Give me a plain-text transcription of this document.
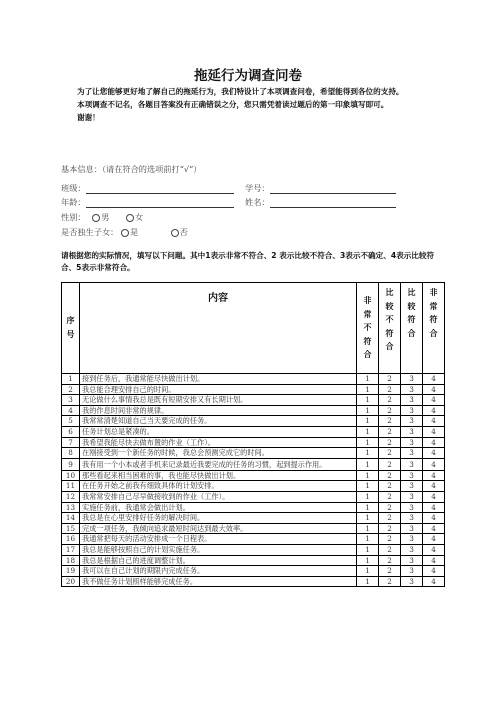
拖延行为调查问卷

为了让您能够更好地了解自己的拖延行为，我们特设计了本项调查问卷，希望能得到各位的支持。

本项调查不记名，各题目答案没有正确错误之分，您只需凭着读过题后的第一印象填写即可。

谢谢！

基本信息：（请在符合的选项前打“√”）
班级：	学号：
年龄：	姓名：
性别： 男	女
是否独生子女： 是	否
请根据您的实际情况，填写以下问题。其中1表示非常不符合、2 表示比较不符合、3表示不确定、4表示比较符合、5表示非常符合。
序号	内容	非常不符合	比较不符合	比较符合	非常符合
1	接到任务后，我通常能尽快做出计划。	1	2	3	4
2	我总能合理安排自己的时间。	1	2	3	4
3	无论做什么事情我总是既有短期安排又有长期计划。	1	2	3	4
4	我的作息时间非常的规律。	1	2	3	4
5	我常常清楚知道自己当天要完成的任务。	1	2	3	4
6	任务计划总是紧凑的。	1	2	3	4
7	我希望我能尽快去做布置的作业（工作）。	1	2	3	4
8	在刚接受到一个新任务的时候，我总会预测完成它的时间。	1	2	3	4
9	我有用一个小本或者手机来记录最近我要完成的任务的习惯，起到提示作用。	1	2	3	4
10	那些看起来相当困难的事，我也能尽快做出计划。	1	2	3	4
11	在任务开始之前我有细致具体的计划安排。	1	2	3	4
12	我常常安排自己尽早做接收到的作业（工作）。	1	2	3	4
13	实施任务前，我通常会做出计划。	1	2	3	4
14	我总是在心里安排好任务的解决时间。	1	2	3	4
15	完成一项任务，我倾向追求最短时间达到最大效率。	1	2	3	4
16	我通常把每天的活动安排成一个日程表。	1	2	3	4
17	我总是能够按照自己的计划实施任务。	1	2	3	4
18	我总是根据自己的进度调整计划。	1	2	3	4
19	我可以在自己计划的期限内完成任务。	1	2	3	4
20	我不做任务计划照样能够完成任务。	1	2	3	4
